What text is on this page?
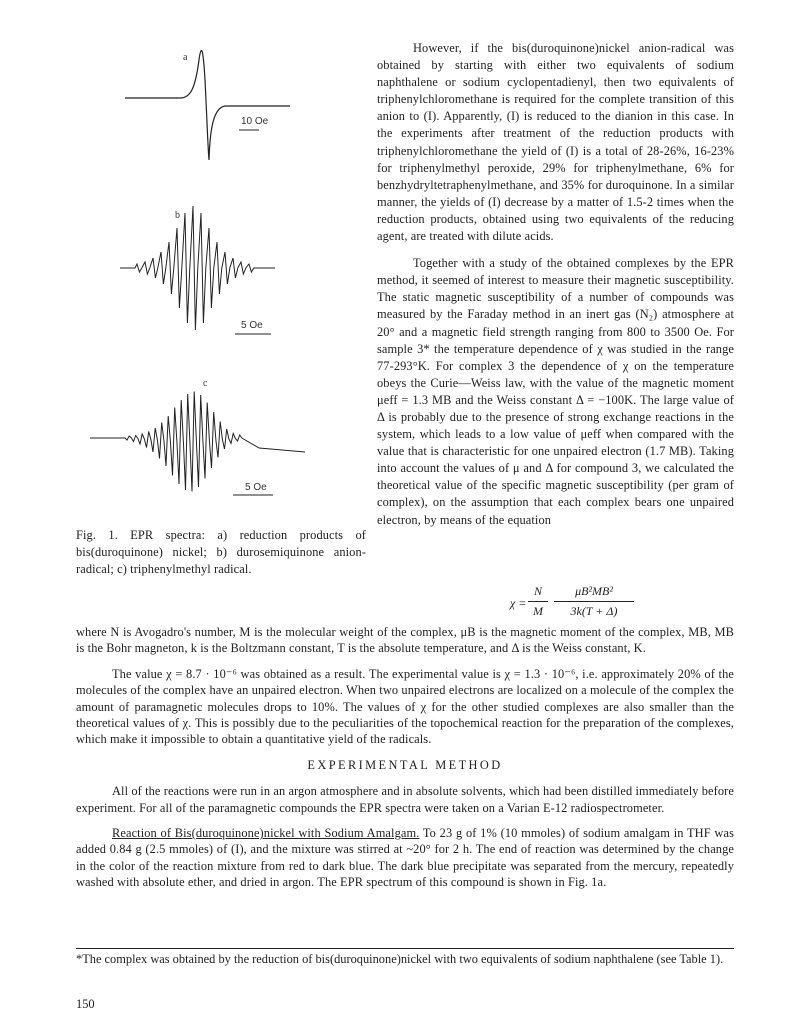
a
10 Oe
b
5 Oe
c
5 Oe
Fig. 1. EPR spectra: a) reduction products of bis(duroquinone) nickel; b) durosemiquinone anion-radical; c) triphenylmethyl radical.

However, if the bis(duroquinone)nickel anion-radical was obtained by starting with either two equivalents of sodium naphthalene or sodium cyclopentadienyl, then two equivalents of triphenylchloromethane is required for the complete transition of this anion to (I). Apparently, (I) is reduced to the dianion in this case. In the experiments after treatment of the reduction products with triphenylchloromethane the yield of (I) is a total of 28-26%, 16-23% for triphenylmethyl peroxide, 29% for triphenylmethane, 6% for benzhydryltetraphenylmethane, and 35% for duroquinone. In a similar manner, the yields of (I) decrease by a matter of 1.5-2 times when the reduction products, obtained using two equivalents of the reducing agent, are treated with dilute acids.

Together with a study of the obtained complexes by the EPR method, it seemed of interest to measure their magnetic susceptibility. The static magnetic susceptibility of a number of compounds was measured by the Faraday method in an inert gas (N₂) atmosphere at 20° and a magnetic field strength ranging from 800 to 3500 Oe. For sample 3* the temperature dependence of χ was studied in the range 77-293°K. For complex 3 the dependence of χ on the temperature obeys the Curie—Weiss law, with the value of the magnetic moment μeff = 1.3 MB and the Weiss constant Δ = −100K. The large value of Δ is probably due to the presence of strong exchange reactions in the system, which leads to a low value of μeff when compared with the value that is characteristic for one unpaired electron (1.7 MB). Taking into account the values of μ and Δ for compound 3, we calculated the theoretical value of the specific magnetic susceptibility (per gram of complex), on the assumption that each complex bears one unpaired electron, by means of the equation

χ =
N
M
μB²MB²
3k(T + Δ)

where N is Avogadro's number, M is the molecular weight of the complex, μB is the magnetic moment of the complex, MB, MB is the Bohr magneton, k is the Boltzmann constant, T is the absolute temperature, and Δ is the Weiss constant, K.

The value χ = 8.7 · 10⁻⁶ was obtained as a result. The experimental value is χ = 1.3 · 10⁻⁶, i.e. approximately 20% of the molecules of the complex have an unpaired electron. When two unpaired electrons are localized on a molecule of the complex the amount of paramagnetic molecules drops to 10%. The values of χ for the other studied complexes are also smaller than the theoretical values of χ. This is possibly due to the peculiarities of the topochemical reaction for the preparation of the complexes, which make it impossible to obtain a quantitative yield of the radicals.

EXPERIMENTAL METHOD

All of the reactions were run in an argon atmosphere and in absolute solvents, which had been distilled immediately before experiment. For all of the paramagnetic compounds the EPR spectra were taken on a Varian E-12 radiospectrometer.

Reaction of Bis(duroquinone)nickel with Sodium Amalgam. To 23 g of 1% (10 mmoles) of sodium amalgam in THF was added 0.84 g (2.5 mmoles) of (I), and the mixture was stirred at ~20° for 2 h. The end of reaction was determined by the change in the color of the reaction mixture from red to dark blue. The dark blue precipitate was separated from the mercury, repeatedly washed with absolute ether, and dried in argon. The EPR spectrum of this compound is shown in Fig. 1a.

*The complex was obtained by the reduction of bis(duroquinone)nickel with two equivalents of sodium naphthalene (see Table 1).
150
